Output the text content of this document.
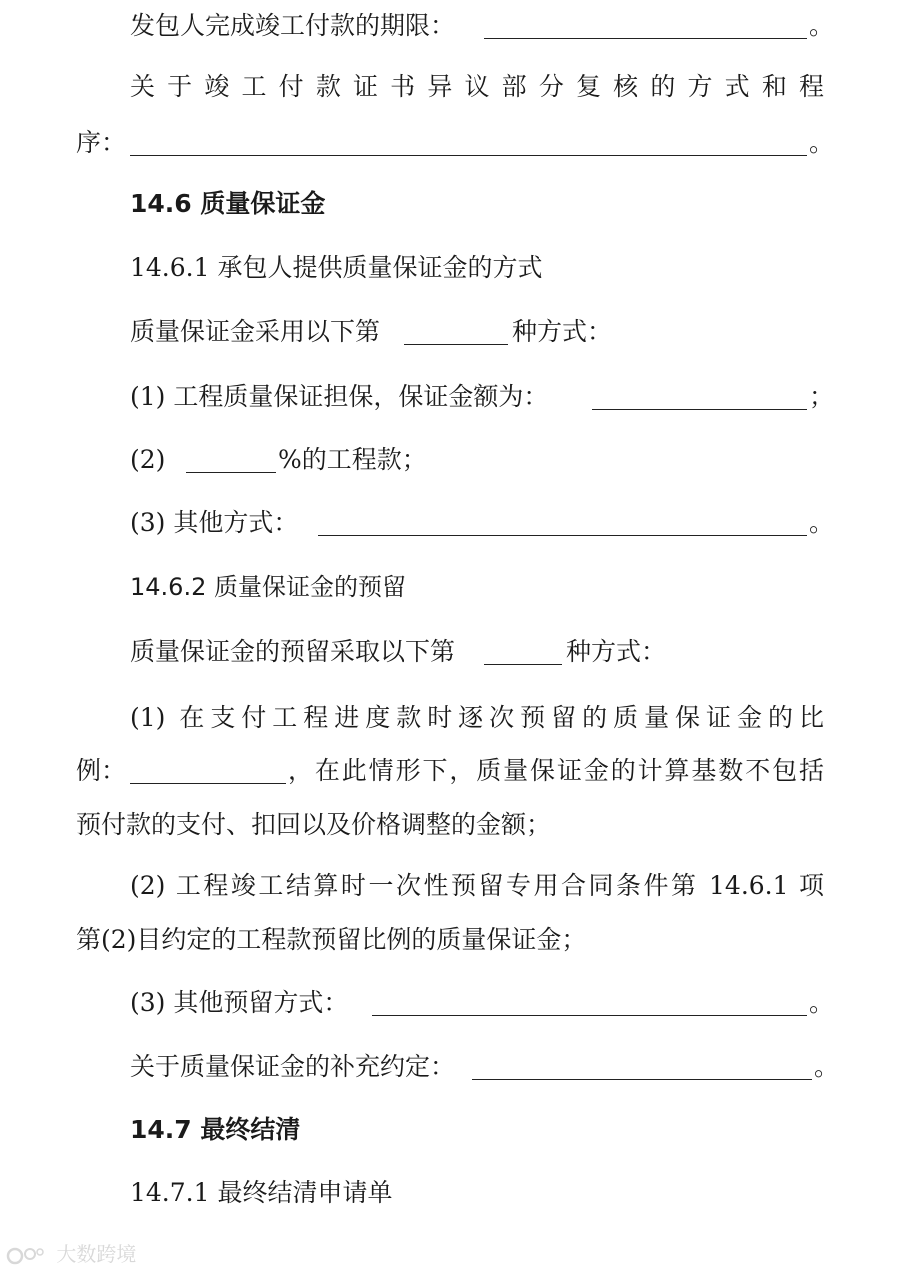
发包人完成竣工付款的期限：	。
关于竣工付款证书异议部分复核的方式和程
序：	。
14.6 质量保证金
14.6.1 承包人提供质量保证金的方式
质量保证金采用以下第	种方式：
(1) 工程质量保证担保，保证金额为：	；
(2)	%的工程款；
(3) 其他方式：	。
14.6.2 质量保证金的预留
质量保证金的预留采取以下第	种方式：
(1) 在支付工程进度款时逐次预留的质量保证金的比
例：	，在此情形下，质量保证金的计算基数不包括
预付款的支付、扣回以及价格调整的金额；
(2) 工程竣工结算时一次性预留专用合同条件第 14.6.1 项
第(2)目约定的工程款预留比例的质量保证金；
(3) 其他预留方式：	。
关于质量保证金的补充约定：	。
14.7 最终结清
14.7.1 最终结清申请单
大数跨境
